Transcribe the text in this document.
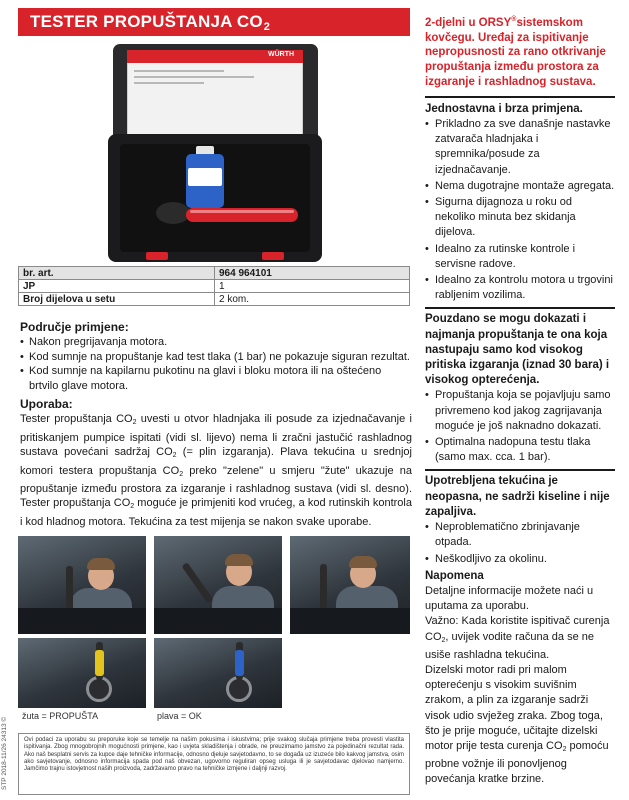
TESTER PROPUŠTANJA $CO_2$
WÜRTH
br. art.	964 964101
JP	1
Broj dijelova u setu	2 kom.
Područje primjene:
• Nakon pregrijavanja motora.
• Kod sumnje na propuštanje kad test tlaka (1 bar) ne pokazuje siguran rezultat.
• Kod sumnje na kapilarnu pukotinu na glavi i bloku motora ili na oštećeno brtvilo glave motora.
Uporaba:

Tester propuštanja $CO_2$ uvesti u otvor hladnjaka ili posude za izjednačavanje i pritiskanjem pumpice ispitati (vidi sl. lijevo) nema li zračni jastučić rashladnog sustava povećani sadržaj $CO_2$ (= plin izgaranja). Plava tekućina u srednjoj komori testera propuštanja $CO_2$ preko "zelene" u smjeru "žute" ukazuje na propuštanje između prostora za izgaranje i rashladnog sustava (vidi sl. desno). Tester propuštanja $CO_2$ moguće je primjeniti kod vrućeg, a kod rutinskih kontrola i kod hladnog motora. Tekućina za test mijenja se nakon svake uporabe.

žuta = PROPUŠTA	plava = OK
Ovi podaci za uporabu su preporuke koje se temelje na našim pokusima i iskustvima; prije svakog slučaja primjene treba provesti vlastita ispitivanja. Zbog mnogobrojnih mogućnosti primjene, kao i uvjeta skladištenja i obrade, ne preuzimamo jamstvo za pojedinačni rezultat rada. Ako naš besplatni servis za kupce daje tehničke informacije, odnosno djeluje savjetodavno, to se događa uz izuzeće bilo kakvog jamstva, osim ako savjetovanje, odnosno informacija spada pod naš obvezan, ugovorno reguliran opseg usluga ili je savjetodavac djelovao namjerno. Jamčimo trajnu istovjetnost naših proizvoda, zadržavamo pravo na tehničke izmjene i daljnji razvoj.
STP 2018-11/26 24313 ©
2-djelni u ORSY®sistemskom kovčegu. Uređaj za ispitivanje nepropusnosti za rano otkrivanje propuštanja između prostora za izgaranje i rashladnog sustava.
Jednostavna i brza primjena.
• Prikladno za sve današnje nastavke zatvarača hladnjaka i spremnika/posude za izjednačavanje.
• Nema dugotrajne montaže agregata.
• Sigurna dijagnoza u roku od nekoliko minuta bez skidanja dijelova.
• Idealno za rutinske kontrole i servisne radove.
• Idealno za kontrolu motora u trgovini rabljenim vozilima.
Pouzdano se mogu dokazati i najmanja propuštanja te ona koja nastupaju samo kod visokog pritiska izgaranja (iznad 30 bara) i visokog opterećenja.
• Propuštanja koja se pojavljuju samo privremeno kod jakog zagrijavanja moguće je još naknadno dokazati.
• Optimalna nadopuna testu tlaka (samo max. cca. 1 bar).
Upotrebljena tekućina je neopasna, ne sadrži kiseline i nije zapaljiva.
• Neproblematično zbrinjavanje otpada.
• Neškodljivo za okolinu.
Napomena

Detaljne informacije možete naći u uputama za uporabu.

Važno: Kada koristite ispitivač curenja $CO_2$, uvijek vodite računa da se ne usiše rashladna tekućina.

Dizelski motor radi pri malom opterećenju s visokim suvišnim zrakom, a plin za izgaranje sadrži visok udio svježeg zraka. Zbog toga, što je prije moguće, učitajte dizelski motor prije testa curenja $CO_2$ pomoću probne vožnje ili ponovljenog povećanja kratke brzine.
